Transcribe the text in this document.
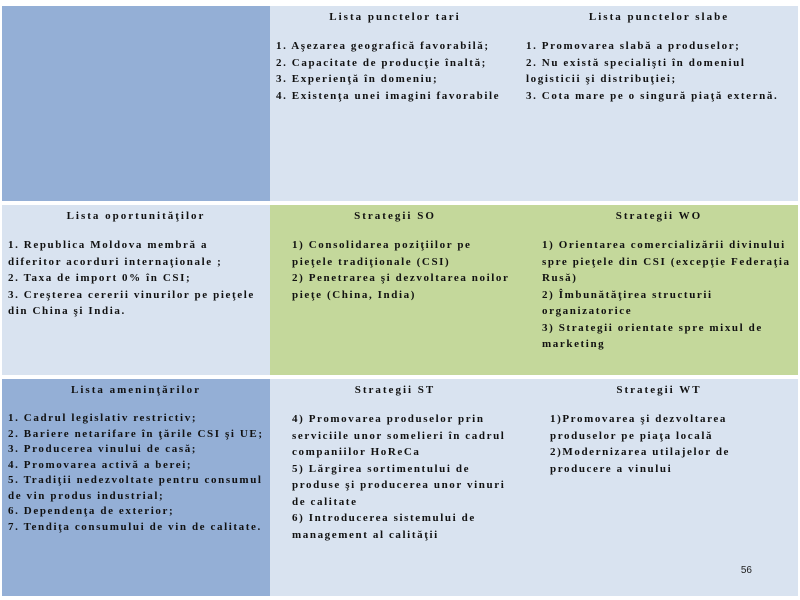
Lista punctelor tari

1. Aşezarea geografică favorabilă;

2. Capacitate de producţie înaltă;

3. Experienţă în domeniu;

4. Existenţa unei imagini favorabile

Lista punctelor slabe

1. Promovarea slabă a produselor;

2. Nu există specialişti în domeniul logisticii şi distribuţiei;

3. Cota mare pe o singură piaţă externă.

Lista oportunităţilor

1. Republica Moldova membră a diferitor acorduri internaţionale ;

2. Taxa de import 0% în CSI;

3. Creşterea cererii vinurilor pe pieţele din China şi India.

Strategii SO

1) Consolidarea poziţiilor pe pieţele tradiţionale (CSI)

2) Penetrarea şi dezvoltarea noilor pieţe (China, India)

Strategii WO

1) Orientarea comercializării divinului spre pieţele din CSI (excepţie Federaţia Rusă)

2) Îmbunătăţirea structurii organizatorice

3) Strategii orientate spre mixul de marketing

Lista ameninţărilor

1. Cadrul legislativ restrictiv;

2. Bariere netarifare în ţările CSI şi UE;

3. Producerea vinului de casă;

4. Promovarea activă a berei;

5. Tradiţii nedezvoltate pentru consumul de vin produs industrial;

6. Dependenţa de exterior;

7. Tendiţa consumului de vin de calitate.

Strategii ST

4) Promovarea produselor prin serviciile unor somelieri în cadrul companiilor HoReCa

5) Lărgirea sortimentului de produse şi producerea unor vinuri de calitate

6) Introducerea sistemului de management al calităţii

Strategii WT

1)Promovarea şi dezvoltarea produselor pe piaţa locală

2)Modernizarea utilajelor de producere a vinului

56
